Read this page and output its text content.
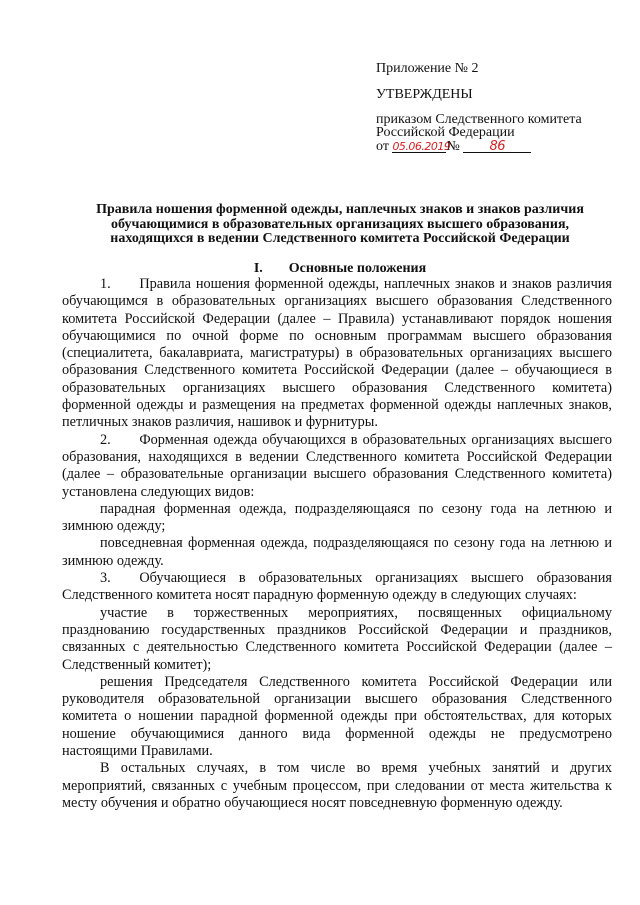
Приложение № 2
УТВЕРЖДЕНЫ
приказом Следственного комитета
Российской Федерации
от 05.06.2019№ 86
Правила ношения форменной одежды, наплечных знаков и знаков различия
обучающимися в образовательных организациях высшего образования,
находящихся в ведении Следственного комитета Российской Федерации
I. Основные положения

1.  Правила ношения форменной одежды, наплечных знаков и знаков различия обучающимся в образовательных организациях высшего образования Следственного комитета Российской Федерации (далее – Правила) устанавливают порядок ношения обучающимися по очной форме по основным программам высшего образования (специалитета, бакалавриата, магистратуры) в образовательных организациях высшего образования Следственного комитета Российской Федерации (далее – обучающиеся в образовательных организациях высшего образования Следственного комитета) форменной одежды и размещения на предметах форменной одежды наплечных знаков, петличных знаков различия, нашивок и фурнитуры.

2.  Форменная одежда обучающихся в образовательных организациях высшего образования, находящихся в ведении Следственного комитета Российской Федерации (далее – образовательные организации высшего образования Следственного комитета) установлена следующих видов:

парадная форменная одежда, подразделяющаяся по сезону года на летнюю и зимнюю одежду;

повседневная форменная одежда, подразделяющаяся по сезону года на летнюю и зимнюю одежду.

3.  Обучающиеся в образовательных организациях высшего образования Следственного комитета носят парадную форменную одежду в следующих случаях:

участие в торжественных мероприятиях, посвященных официальному празднованию государственных праздников Российской Федерации и праздников, связанных с деятельностью Следственного комитета Российской Федерации (далее – Следственный комитет);

решения Председателя Следственного комитета Российской Федерации или руководителя образовательной организации высшего образования Следственного комитета о ношении парадной форменной одежды при обстоятельствах, для которых ношение обучающимися данного вида форменной одежды не предусмотрено настоящими Правилами.

В остальных случаях, в том числе во время учебных занятий и других мероприятий, связанных с учебным процессом, при следовании от места жительства к месту обучения и обратно обучающиеся носят повседневную форменную одежду.
